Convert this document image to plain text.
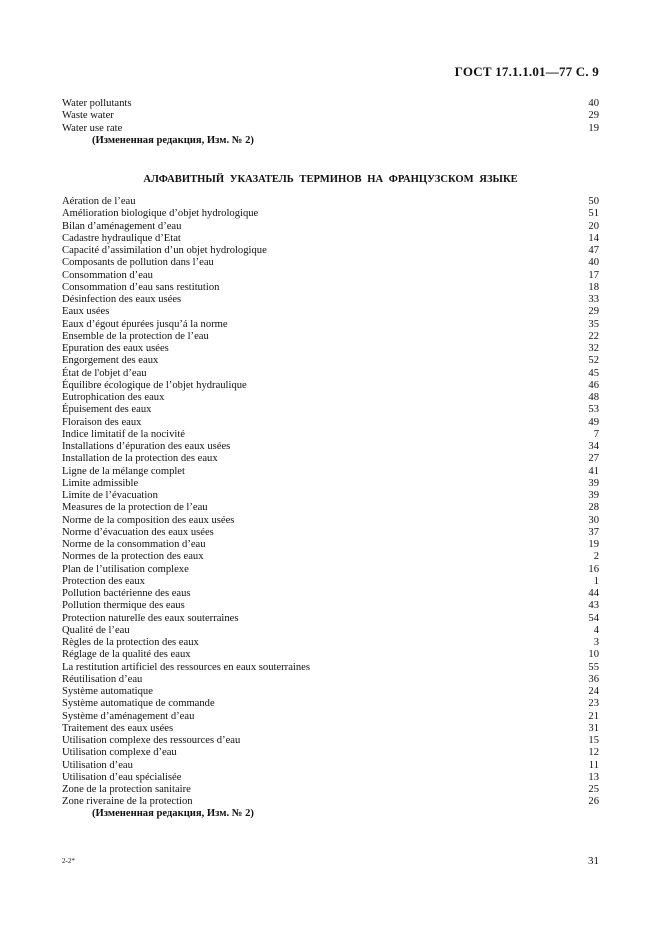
ГОСТ 17.1.1.01—77 С. 9
Water pollutants	40
Waste water	29
Water use rate	19
(Измененная редакция, Изм. № 2)
АЛФАВИТНЫЙ УКАЗАТЕЛЬ ТЕРМИНОВ НА ФРАНЦУЗСКОМ ЯЗЫКЕ
Aération de l’eau	50
Amélioration biologique d’objet hydrologique	51
Bilan d’aménagement d’eau	20
Cadastre hydraulique d’Etat	14
Capacité d’assimilation d’un objet hydrologique	47
Composants de pollution dans l’eau	40
Consommation d’eau	17
Consommation d’eau sans restitution	18
Désinfection des eaux usées	33
Eaux usées	29
Eaux d’égout épurées jusqu’á la norme	35
Ensemble de la protection de l’eau	22
Epuration des eaux usées	32
Engorgement des eaux	52
État de l'objet d’eau	45
Équilibre écologique de l’objet hydraulique	46
Eutrophication des eaux	48
Épuisement des eaux	53
Floraison des eaux	49
Indice limitatif de la nocivité	7
Installations d’épuration des eaux usées	34
Installation de la protection des eaux	27
Ligne de la mélange complet	41
Limite admissible	39
Limite de l’évacuation	39
Measures de la protection de l’eau	28
Norme de la composition des eaux usées	30
Norme d’évacuation des eaux usées	37
Norme de la consommation d’eau	19
Normes de la protection des eaux	2
Plan de l’utilisation complexe	16
Protection des eaux	1
Pollution bactérienne des eaus	44
Pollution thermique des eaus	43
Protection naturelle des eaux souterraines	54
Qualité de l’eau	4
Règles de la protection des eaux	3
Réglage de la qualité des eaux	10
La restitution artificiel des ressources en eaux souterraines	55
Réutilisation d’eau	36
Système automatique	24
Système automatique de commande	23
Système d’aménagement d’eau	21
Traitement des eaux usées	31
Utilisation complexe des ressources d’eau	15
Utilisation complexe d’eau	12
Utilisation d’eau	11
Utilisation d’eau spécialisée	13
Zone de la protection sanitaire	25
Zone riveraine de la protection	26
(Измененная редакция, Изм. № 2)
2-2*	31
